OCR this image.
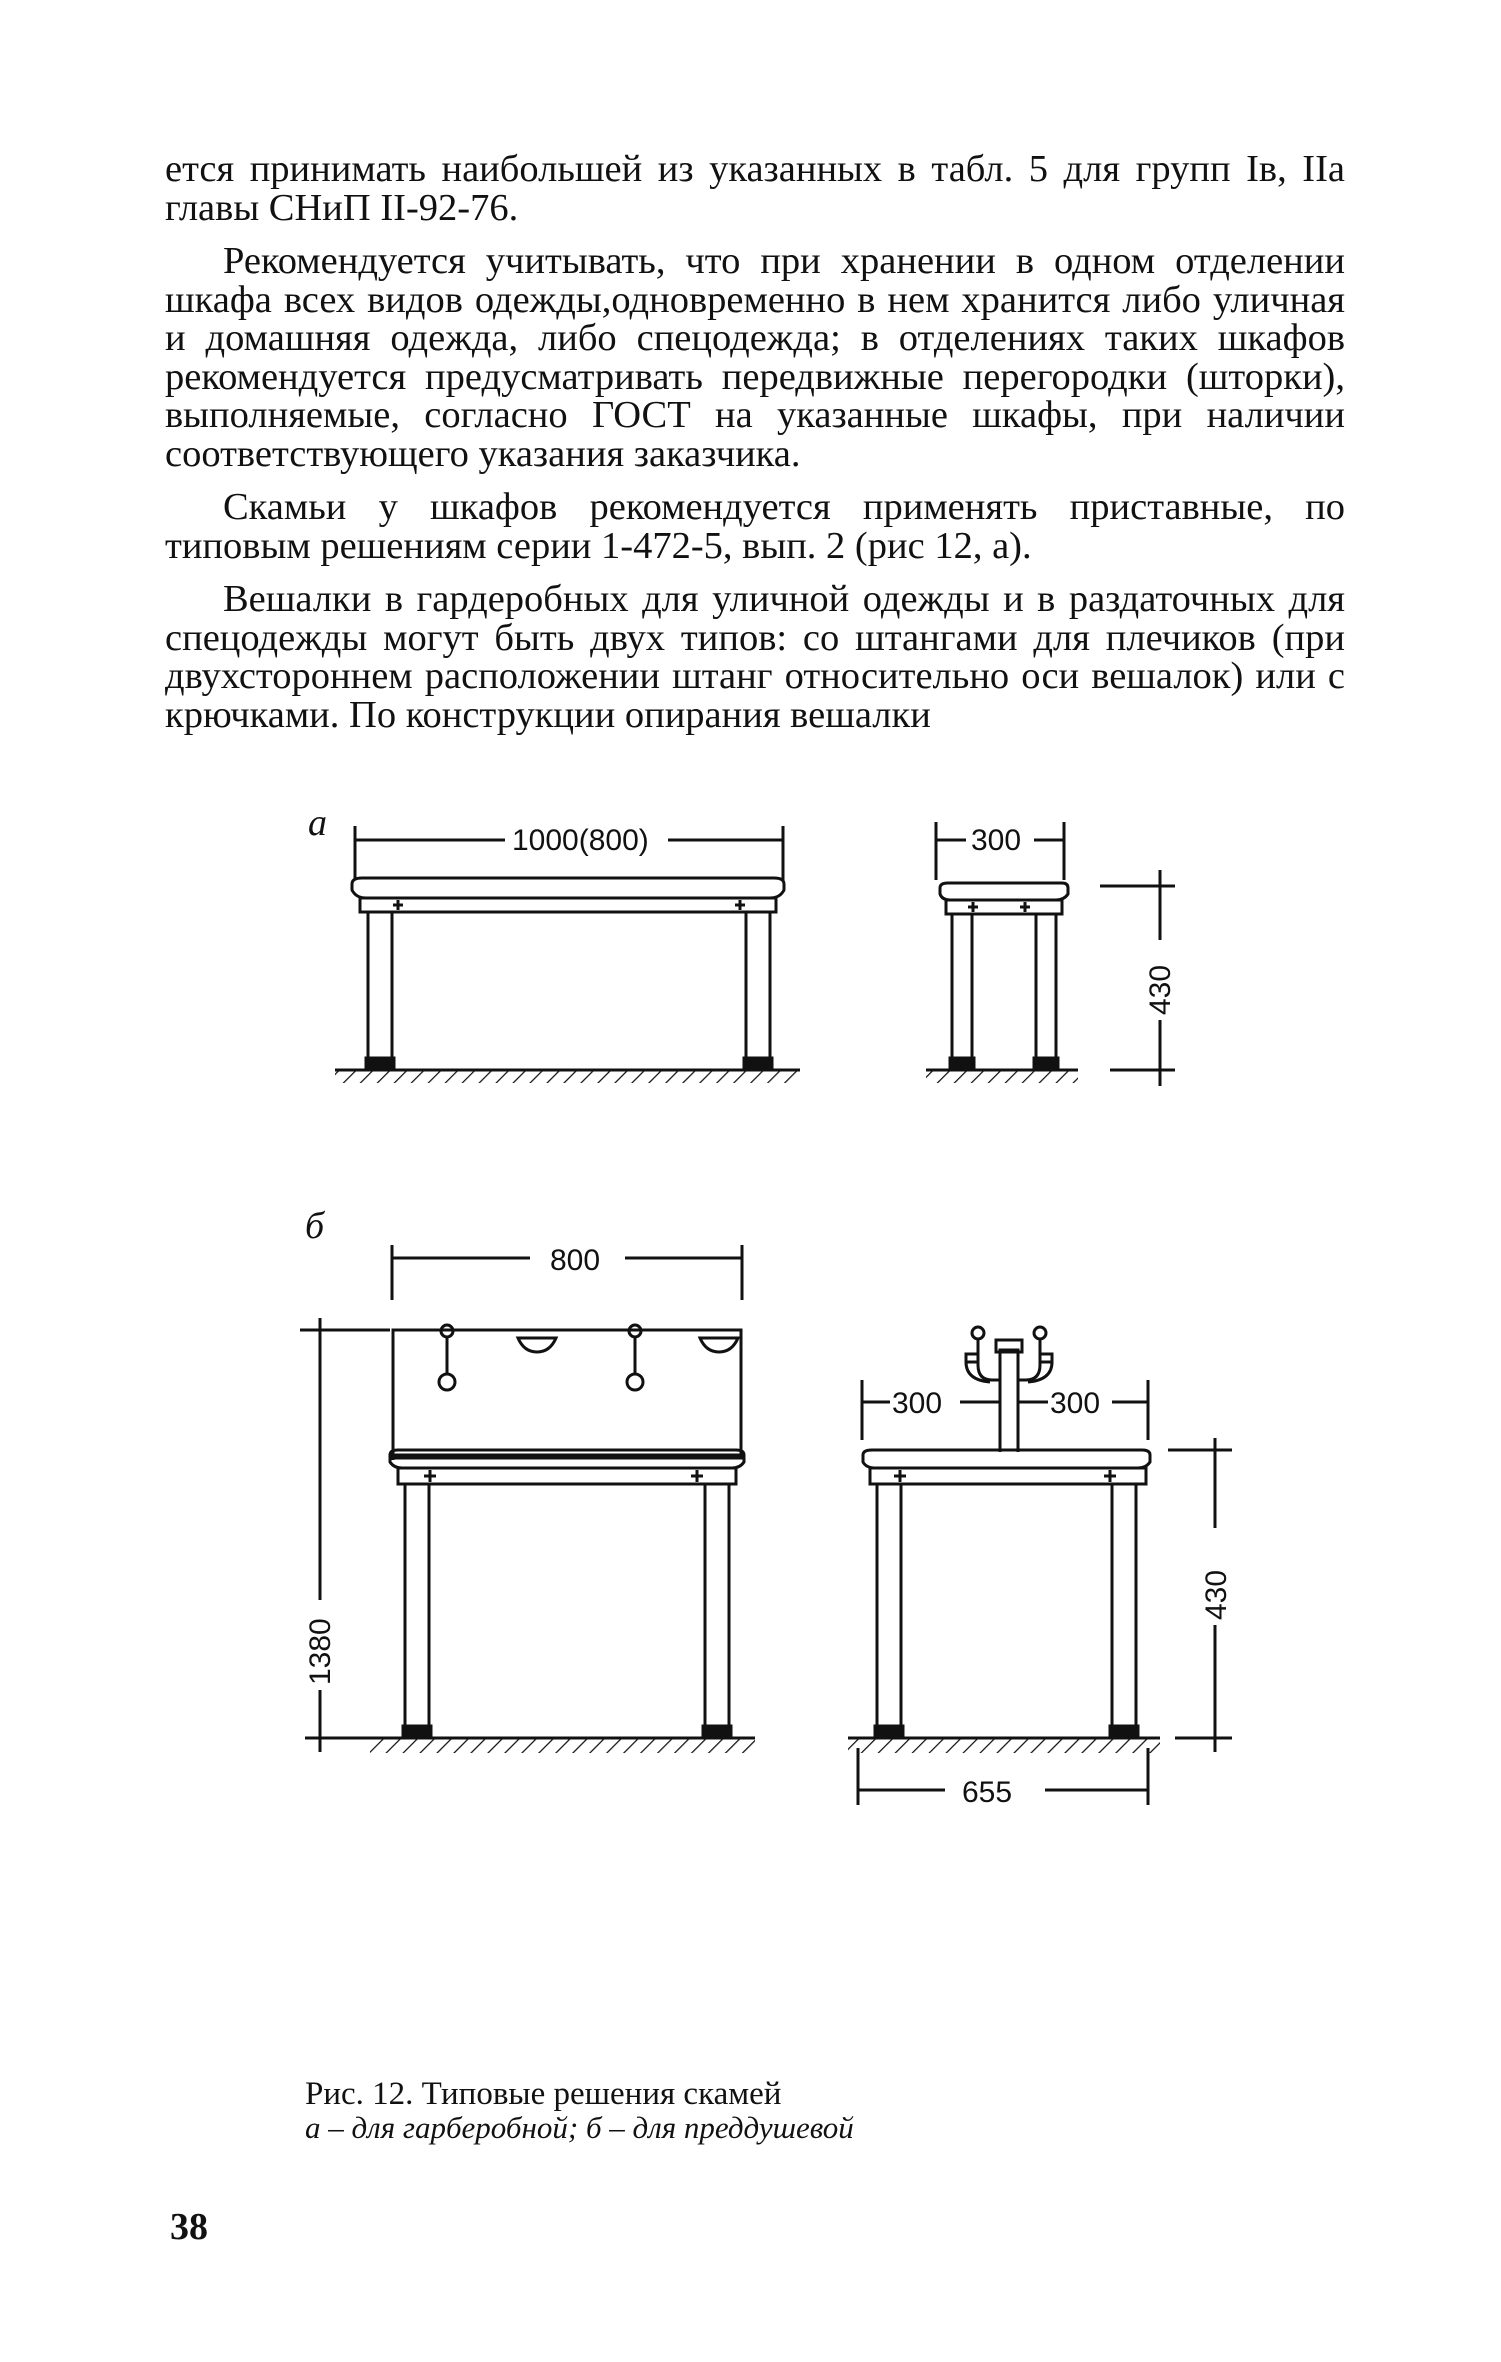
ется принимать наибольшей из указанных в табл. 5 для групп Iв, IIа главы СНиП II-92-76.

Рекомендуется учитывать, что при хранении в одном отделении шкафа всех видов одежды,одновременно в нем хранится либо уличная и домашняя одежда, либо спецодежда; в отделениях таких шкафов рекомендуется предусматривать передвижные перегородки (шторки), выполняемые, согласно ГОСТ на указанные шкафы, при наличии соответствующего указания заказчика.

Скамьи у шкафов рекомендуется применять приставные, по типовым решениям серии 1-472-5, вып. 2 (рис 12, а).

Вешалки в гардеробных для уличной одежды и в раздаточных для спецодежды могут быть двух типов: со штангами для плечиков (при двухстороннем расположении штанг относительно оси вешалок) или с крючками. По конструкции опирания вешалки

а	1000(800)	300
430
б
800
1380
300	300
430
655
Рис. 12. Типовые решения скамей
а – для гарберобной; б – для преддушевой
38
